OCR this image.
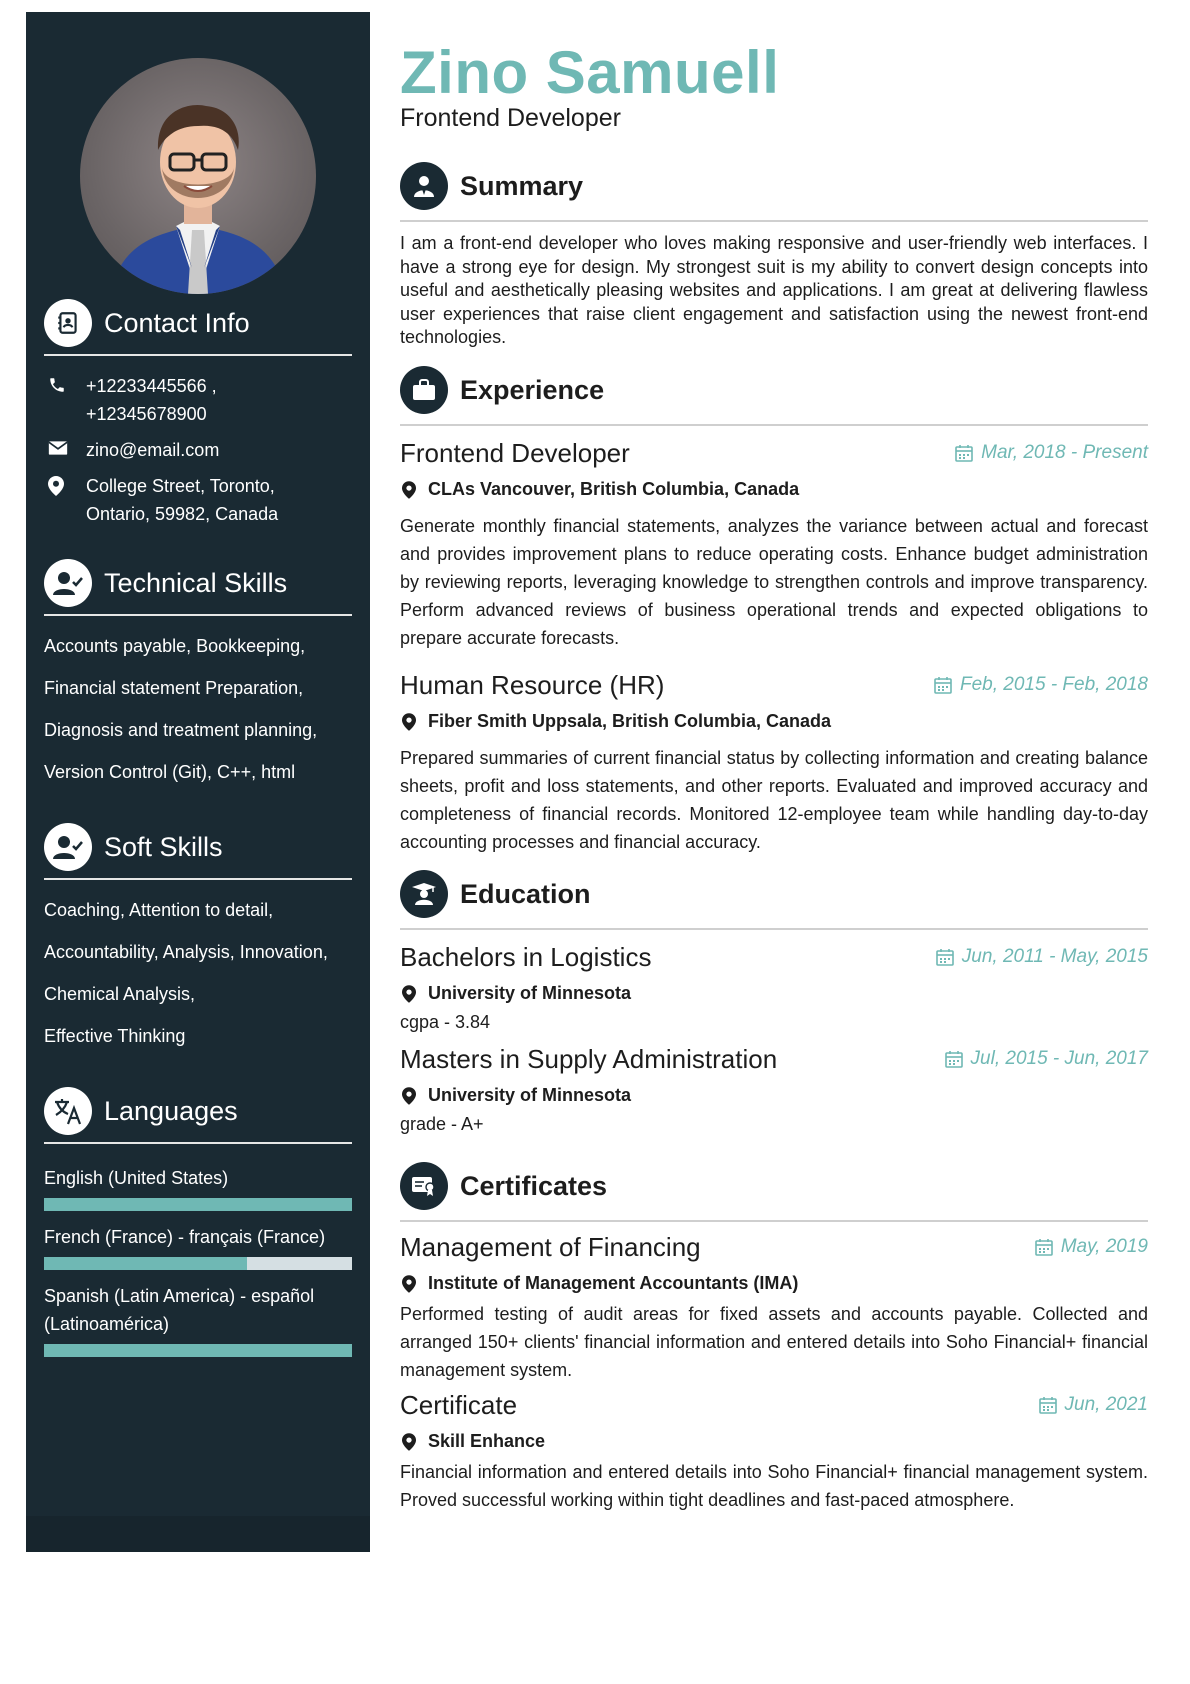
Contact Info
+12233445566 ,
+12345678900
zino@email.com
College Street, Toronto,
Ontario, 59982, Canada
Technical Skills
Accounts payable, Bookkeeping,
Financial statement Preparation,
Diagnosis and treatment planning,
Version Control (Git), C++, html
Soft Skills
Coaching, Attention to detail,
Accountability, Analysis, Innovation,
Chemical Analysis,
Effective Thinking
Languages
English (United States)
French (France) - français (France)
Spanish (Latin America) - español
(Latinoamérica)
Zino Samuell
Frontend Developer
Summary
I am a front-end developer who loves making responsive and user-friendly web interfaces. I have a strong eye for design. My strongest suit is my ability to convert design concepts into useful and aesthetically pleasing websites and applications. I am great at delivering flawless user experiences that raise client engagement and satisfaction using the newest front-end technologies.
Experience
Frontend Developer	Mar, 2018 - Present
CLAs Vancouver, British Columbia, Canada
Generate monthly financial statements, analyzes the variance between actual and forecast and provides improvement plans to reduce operating costs. Enhance budget administration by reviewing reports, leveraging knowledge to strengthen controls and improve transparency. Perform advanced reviews of business operational trends and expected obligations to prepare accurate forecasts.
Human Resource (HR)	Feb, 2015 - Feb, 2018
Fiber Smith Uppsala, British Columbia, Canada
Prepared summaries of current financial status by collecting information and creating balance sheets, profit and loss statements, and other reports. Evaluated and improved accuracy and completeness of financial records. Monitored 12-employee team while handling day-to-day accounting processes and financial accuracy.
Education
Bachelors in Logistics	Jun, 2011 - May, 2015
University of Minnesota
cgpa - 3.84
Masters in Supply Administration	Jul, 2015 - Jun, 2017
University of Minnesota
grade - A+
Certificates
Management of Financing	May, 2019
Institute of Management Accountants (IMA)
Performed testing of audit areas for fixed assets and accounts payable. Collected and arranged 150+ clients' financial information and entered details into Soho Financial+ financial management system.
Certificate	Jun, 2021
Skill Enhance
Financial information and entered details into Soho Financial+ financial management system. Proved successful working within tight deadlines and fast-paced atmosphere.
